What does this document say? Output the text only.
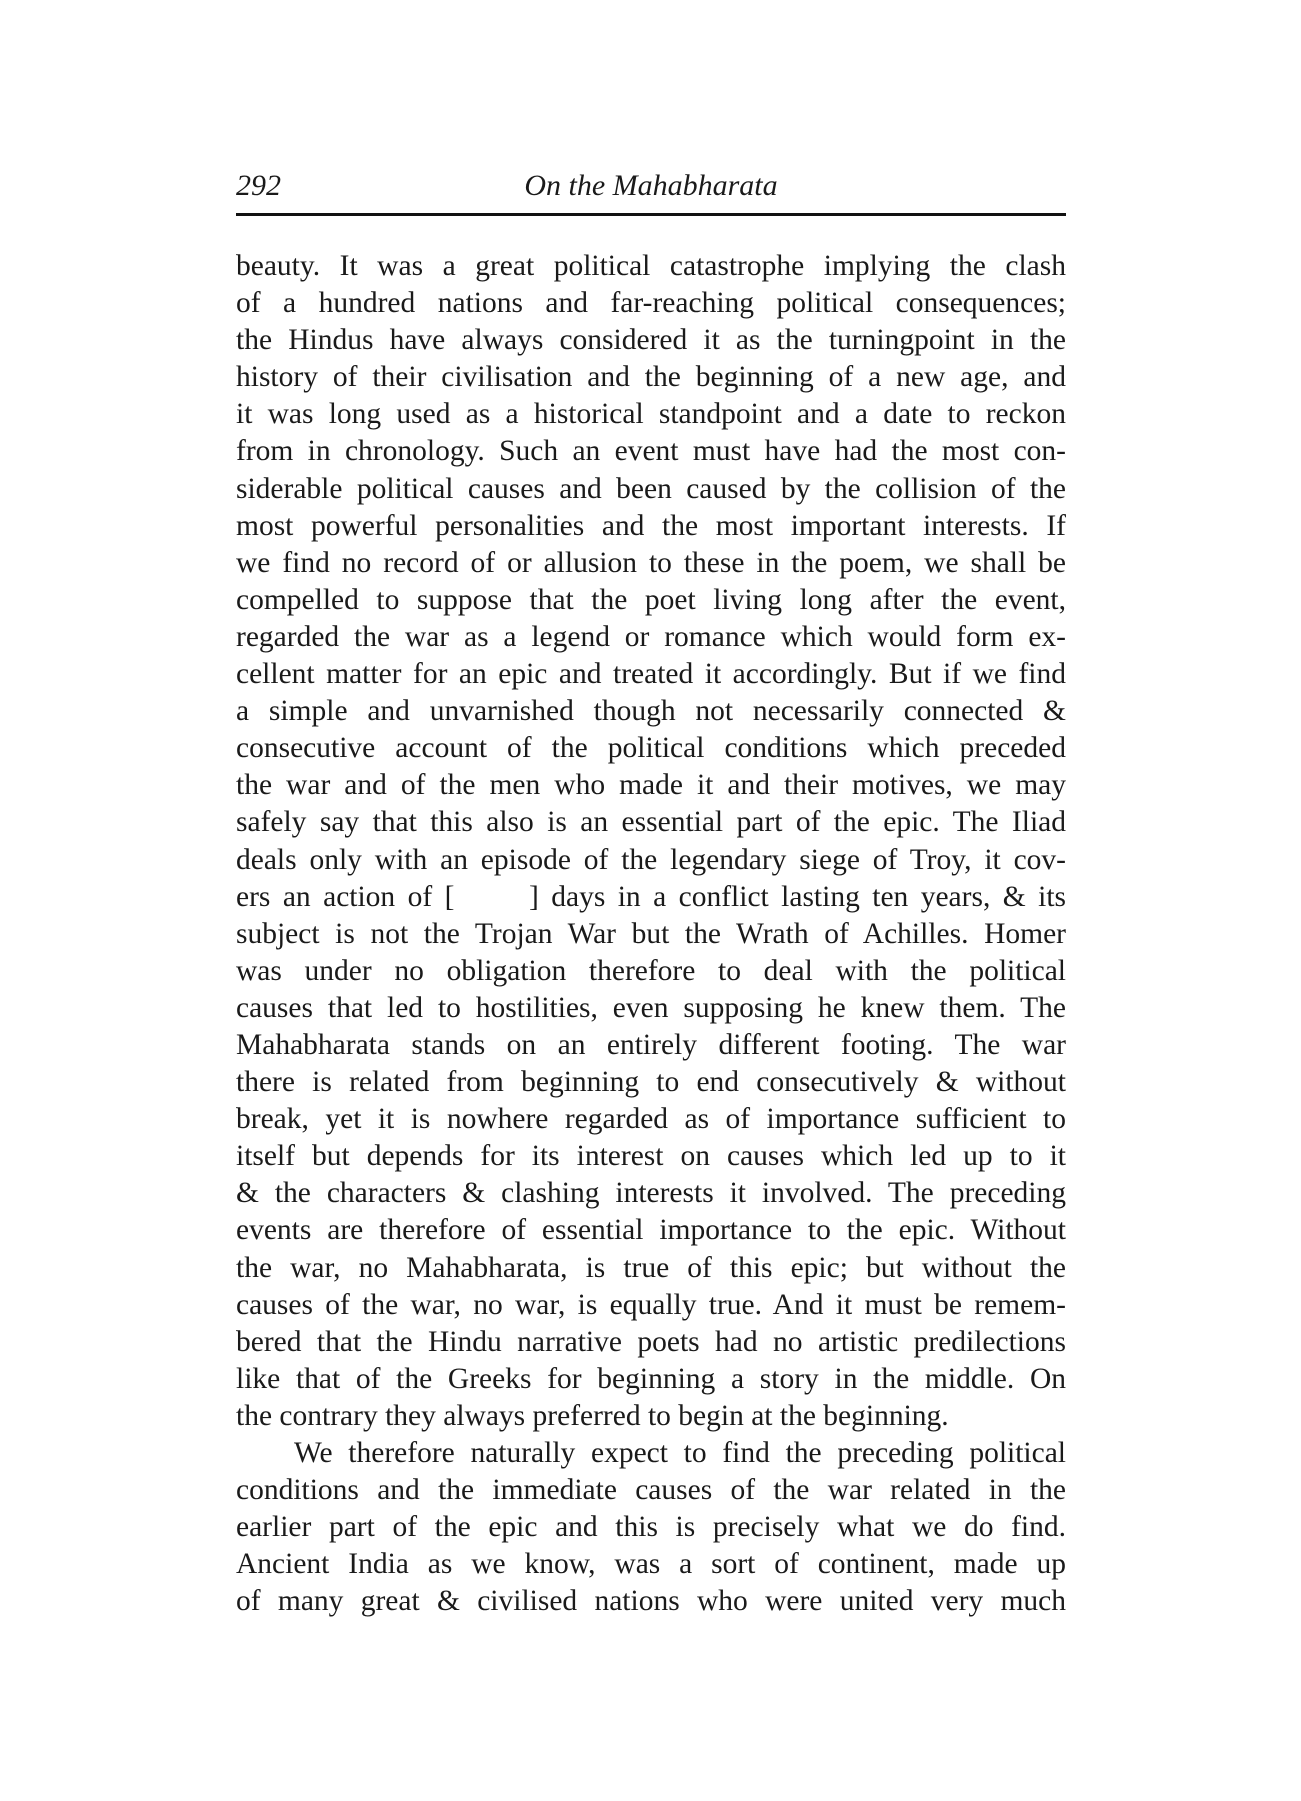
292	On the Mahabharata
beauty. It was a great political catastrophe implying the clash
of a hundred nations and far-reaching political consequences;
the Hindus have always considered it as the turningpoint in the
history of their civilisation and the beginning of a new age, and
it was long used as a historical standpoint and a date to reckon
from in chronology. Such an event must have had the most con-
siderable political causes and been caused by the collision of the
most powerful personalities and the most important interests. If
we find no record of or allusion to these in the poem, we shall be
compelled to suppose that the poet living long after the event,
regarded the war as a legend or romance which would form ex-
cellent matter for an epic and treated it accordingly. But if we find
a simple and unvarnished though not necessarily connected &
consecutive account of the political conditions which preceded
the war and of the men who made it and their motives, we may
safely say that this also is an essential part of the epic. The Iliad
deals only with an episode of the legendary siege of Troy, it cov-
ers an action of [      ] days in a conflict lasting ten years, & its
subject is not the Trojan War but the Wrath of Achilles. Homer
was under no obligation therefore to deal with the political
causes that led to hostilities, even supposing he knew them. The
Mahabharata stands on an entirely different footing. The war
there is related from beginning to end consecutively & without
break, yet it is nowhere regarded as of importance sufficient to
itself but depends for its interest on causes which led up to it
& the characters & clashing interests it involved. The preceding
events are therefore of essential importance to the epic. Without
the war, no Mahabharata, is true of this epic; but without the
causes of the war, no war, is equally true. And it must be remem-
bered that the Hindu narrative poets had no artistic predilections
like that of the Greeks for beginning a story in the middle. On
the contrary they always preferred to begin at the beginning.
We therefore naturally expect to find the preceding political
conditions and the immediate causes of the war related in the
earlier part of the epic and this is precisely what we do find.
Ancient India as we know, was a sort of continent, made up
of many great & civilised nations who were united very much
